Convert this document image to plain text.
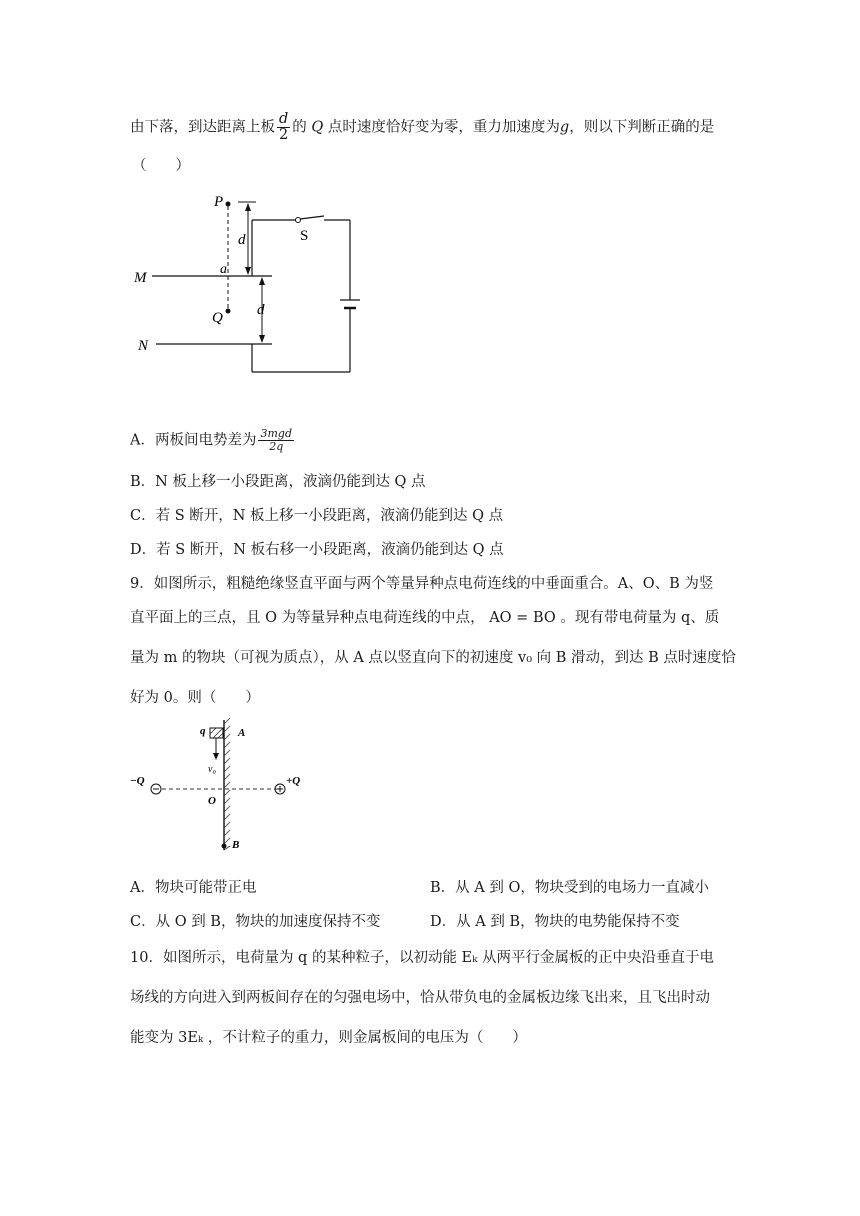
由下落，到达距离上板 $\frac{d}{2}$ 的 Q 点时速度恰好变为零，重力加速度为g，则以下判断正确的是
（　　）
P
d
M
a
S
Q d
N
A．两板间电势差为 $\frac{\text{3mgd}}{2q}$
B．N 板上移一小段距离，液滴仍能到达 Q 点
C．若 S 断开，N 板上移一小段距离，液滴仍能到达 Q 点
D．若 S 断开，N 板右移一小段距离，液滴仍能到达 Q 点
9．如图所示，粗糙绝缘竖直平面与两个等量异种点电荷连线的中垂面重合。A、O、B 为竖
直平面上的三点，且 O 为等量异种点电荷连线的中点， AO = BO 。现有带电荷量为 q、质
量为 m 的物块（可视为质点），从 A 点以竖直向下的初速度 v₀ 向 B 滑动，到达 B 点时速度恰
好为 0。则（　　）
q	A
v₀
−Q	+Q
O
B
A．物块可能带正电	B．从 A 到 O，物块受到的电场力一直减小
C．从 O 到 B，物块的加速度保持不变	D．从 A 到 B，物块的电势能保持不变
10．如图所示，电荷量为 q 的某种粒子，以初动能 Eₖ 从两平行金属板的正中央沿垂直于电
场线的方向进入到两板间存在的匀强电场中，恰从带负电的金属板边缘飞出来，且飞出时动
能变为 3Eₖ ，不计粒子的重力，则金属板间的电压为（　　）
